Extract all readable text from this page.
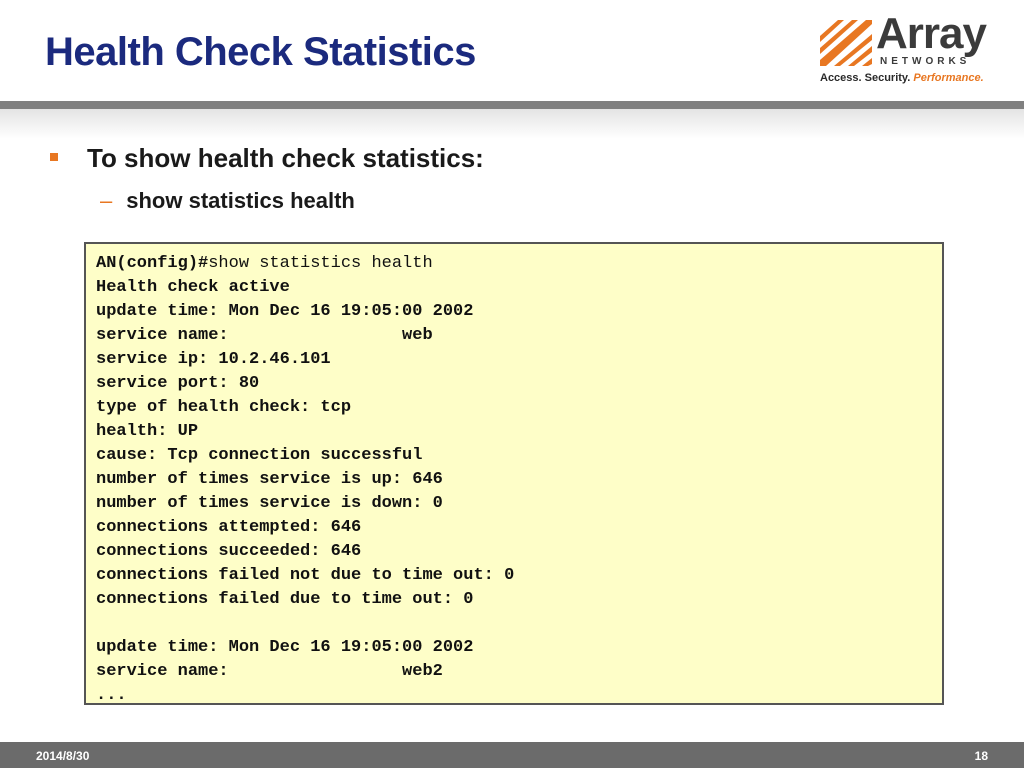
Health Check Statistics	Array
NETWORKS
Access. Security. Performance.
To show health check statistics:
– show statistics health
AN(config)#show statistics health
Health check active
update time: Mon Dec 16 19:05:00 2002
service name:                 web
service ip: 10.2.46.101
service port: 80
type of health check: tcp
health: UP
cause: Tcp connection successful
number of times service is up: 646
number of times service is down: 0
connections attempted: 646
connections succeeded: 646
connections failed not due to time out: 0
connections failed due to time out: 0
update time: Mon Dec 16 19:05:00 2002
service name:                 web2
...
2014/8/30	18
